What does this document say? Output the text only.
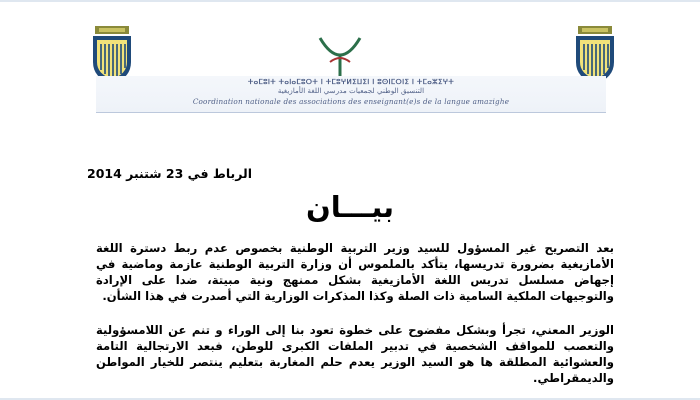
ⵜⴰⵎⵓⵏⵜ ⵜⴰⵏⴰⵎⵓⵔⵜ ⵏ ⵜⵎⵓⵖⵍⵉⵡⵉⵏ ⵏ ⵓⵙⵏⵎⵔⵏⵉ ⵏ ⵜⵎⴰⵣⵉⵖⵜ
التنسيق الوطني لجمعيات مدرسي اللغة الأمازيغية
Coordination nationale des associations des enseignant(e)s de la langue amazighe
الرباط في 23 شتنبر 2014
بيـــان
بعد التصريح غير المسؤول للسيد وزير التربية الوطنية بخصوص عدم ربط دسترة اللغة الأمازيغية بضرورة تدريسها، يتأكد بالملموس أن وزارة التربية الوطنية عازمة وماضية في إجهاض مسلسل تدريس اللغة الأمازيغية بشكل ممنهج ونية مبيتة، ضدا على الإرادة والتوجيهات الملكية السامية ذات الصلة وكذا المذكرات الوزارية التي أصدرت في هذا الشأن.
الوزير المعني، تجرأ وبشكل مفضوح على خطوة تعود بنا إلى الوراء و تنم عن اللامسؤولية والتعصب للمواقف الشخصية في تدبير الملفات الكبرى للوطن، فبعد الارتجالية التامة والعشوائية المطلقة ها هو السيد الوزير يعدم حلم المغاربة بتعليم ينتصر للخيار المواطن والديمقراطي.
